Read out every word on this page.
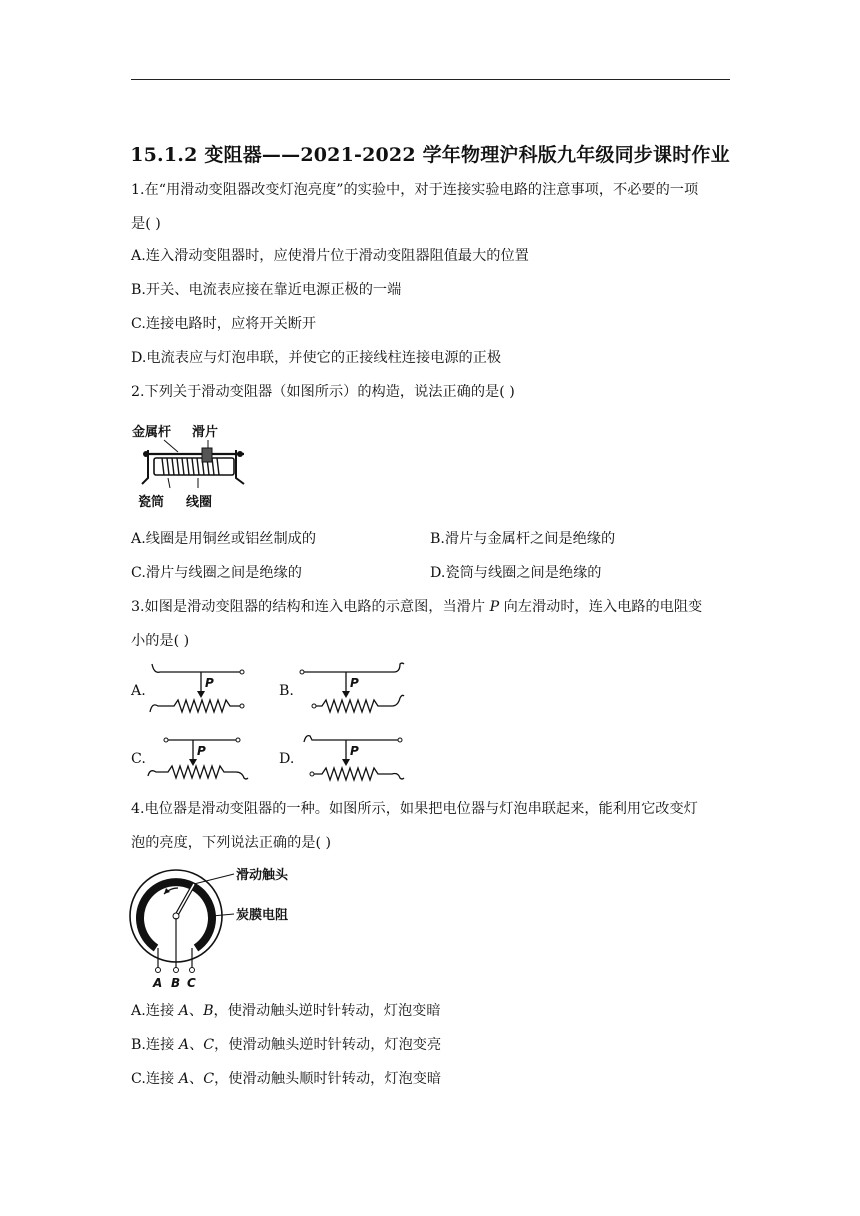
15.1.2 变阻器——2021-2022 学年物理沪科版九年级同步课时作业
1.在“用滑动变阻器改变灯泡亮度”的实验中，对于连接实验电路的注意事项，不必要的一项
是( )
A.连入滑动变阻器时，应使滑片位于滑动变阻器阻值最大的位置
B.开关、电流表应接在靠近电源正极的一端
C.连接电路时，应将开关断开
D.电流表应与灯泡串联，并使它的正接线柱连接电源的正极
2.下列关于滑动变阻器（如图所示）的构造，说法正确的是( )
金属杆 滑片
瓷筒 线圈
A.线圈是用铜丝或铝丝制成的	B.滑片与金属杆之间是绝缘的
C.滑片与线圈之间是绝缘的	D.瓷筒与线圈之间是绝缘的
3.如图是滑动变阻器的结构和连入电路的示意图，当滑片 P 向左滑动时，连入电路的电阻变
小的是( )
A.	B.
C.	D.
P	P
P	P
4.电位器是滑动变阻器的一种。如图所示，如果把电位器与灯泡串联起来，能利用它改变灯
泡的亮度，下列说法正确的是( )
A B C
滑动触头
炭膜电阻
A.连接 A、B，使滑动触头逆时针转动，灯泡变暗
B.连接 A、C，使滑动触头逆时针转动，灯泡变亮
C.连接 A、C，使滑动触头顺时针转动，灯泡变暗
